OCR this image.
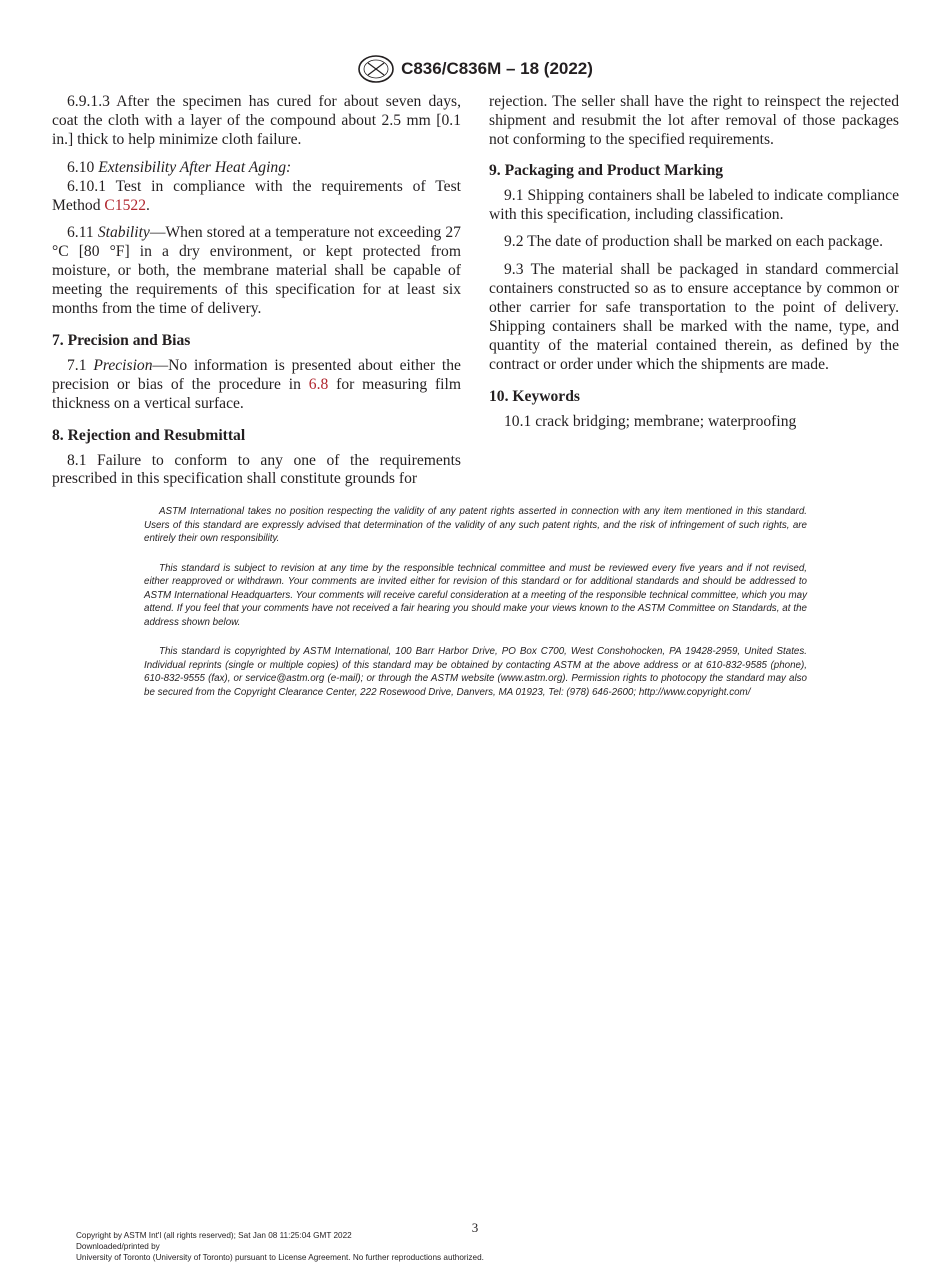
C836/C836M – 18 (2022)

6.9.1.3 After the specimen has cured for about seven days, coat the cloth with a layer of the compound about 2.5 mm [0.1 in.] thick to help minimize cloth failure.

6.10 Extensibility After Heat Aging:

6.10.1 Test in compliance with the requirements of Test Method C1522.

6.11 Stability—When stored at a temperature not exceeding 27 °C [80 °F] in a dry environment, or kept protected from moisture, or both, the membrane material shall be capable of meeting the requirements of this specification for at least six months from the time of delivery.

7. Precision and Bias

7.1 Precision—No information is presented about either the precision or bias of the procedure in 6.8 for measuring film thickness on a vertical surface.

8. Rejection and Resubmittal

8.1 Failure to conform to any one of the requirements prescribed in this specification shall constitute grounds for

rejection. The seller shall have the right to reinspect the rejected shipment and resubmit the lot after removal of those packages not conforming to the specified requirements.

9. Packaging and Product Marking

9.1 Shipping containers shall be labeled to indicate compliance with this specification, including classification.

9.2 The date of production shall be marked on each package.

9.3 The material shall be packaged in standard commercial containers constructed so as to ensure acceptance by common or other carrier for safe transportation to the point of delivery. Shipping containers shall be marked with the name, type, and quantity of the material contained therein, as defined by the contract or order under which the shipments are made.

10. Keywords

10.1 crack bridging; membrane; waterproofing

ASTM International takes no position respecting the validity of any patent rights asserted in connection with any item mentioned in this standard. Users of this standard are expressly advised that determination of the validity of any such patent rights, and the risk of infringement of such rights, are entirely their own responsibility.

This standard is subject to revision at any time by the responsible technical committee and must be reviewed every five years and if not revised, either reapproved or withdrawn. Your comments are invited either for revision of this standard or for additional standards and should be addressed to ASTM International Headquarters. Your comments will receive careful consideration at a meeting of the responsible technical committee, which you may attend. If you feel that your comments have not received a fair hearing you should make your views known to the ASTM Committee on Standards, at the address shown below.

This standard is copyrighted by ASTM International, 100 Barr Harbor Drive, PO Box C700, West Conshohocken, PA 19428-2959, United States. Individual reprints (single or multiple copies) of this standard may be obtained by contacting ASTM at the above address or at 610-832-9585 (phone), 610-832-9555 (fax), or service@astm.org (e-mail); or through the ASTM website (www.astm.org). Permission rights to photocopy the standard may also be secured from the Copyright Clearance Center, 222 Rosewood Drive, Danvers, MA 01923, Tel: (978) 646-2600; http://www.copyright.com/

3
Copyright by ASTM Int'l (all rights reserved); Sat Jan 08 11:25:04 GMT 2022
Downloaded/printed by
University of Toronto (University of Toronto) pursuant to License Agreement. No further reproductions authorized.
